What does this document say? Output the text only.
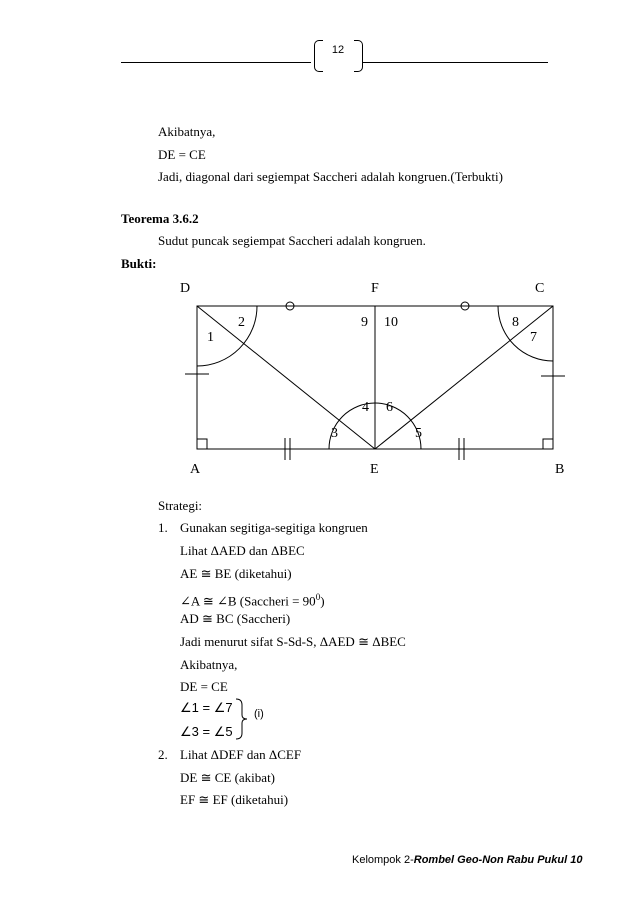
12
Akibatnya,
DE = CE
Jadi, diagonal dari segiempat Saccheri adalah kongruen.(Terbukti)
Teorema 3.6.2
Sudut puncak segiempat Saccheri adalah kongruen.
Bukti:
D	F	C
A	E	B
1
2
3
4
5
6
7
8
9 10
Strategi:
1. Gunakan segitiga-segitiga kongruen
Lihat ΔAED dan ΔBEC
AE ≅ BE (diketahui)
∠A ≅ ∠B (Saccheri = $90^0$)
AD ≅ BC (Saccheri)
Jadi menurut sifat S-Sd-S, ΔAED ≅ ΔBEC
Akibatnya,
DE = CE
∠1 = ∠7
∠3 = ∠5
(i)
2. Lihat ΔDEF dan ΔCEF
DE ≅ CE (akibat)
EF ≅ EF (diketahui)
Kelompok 2-Rombel Geo-Non Rabu Pukul 10
